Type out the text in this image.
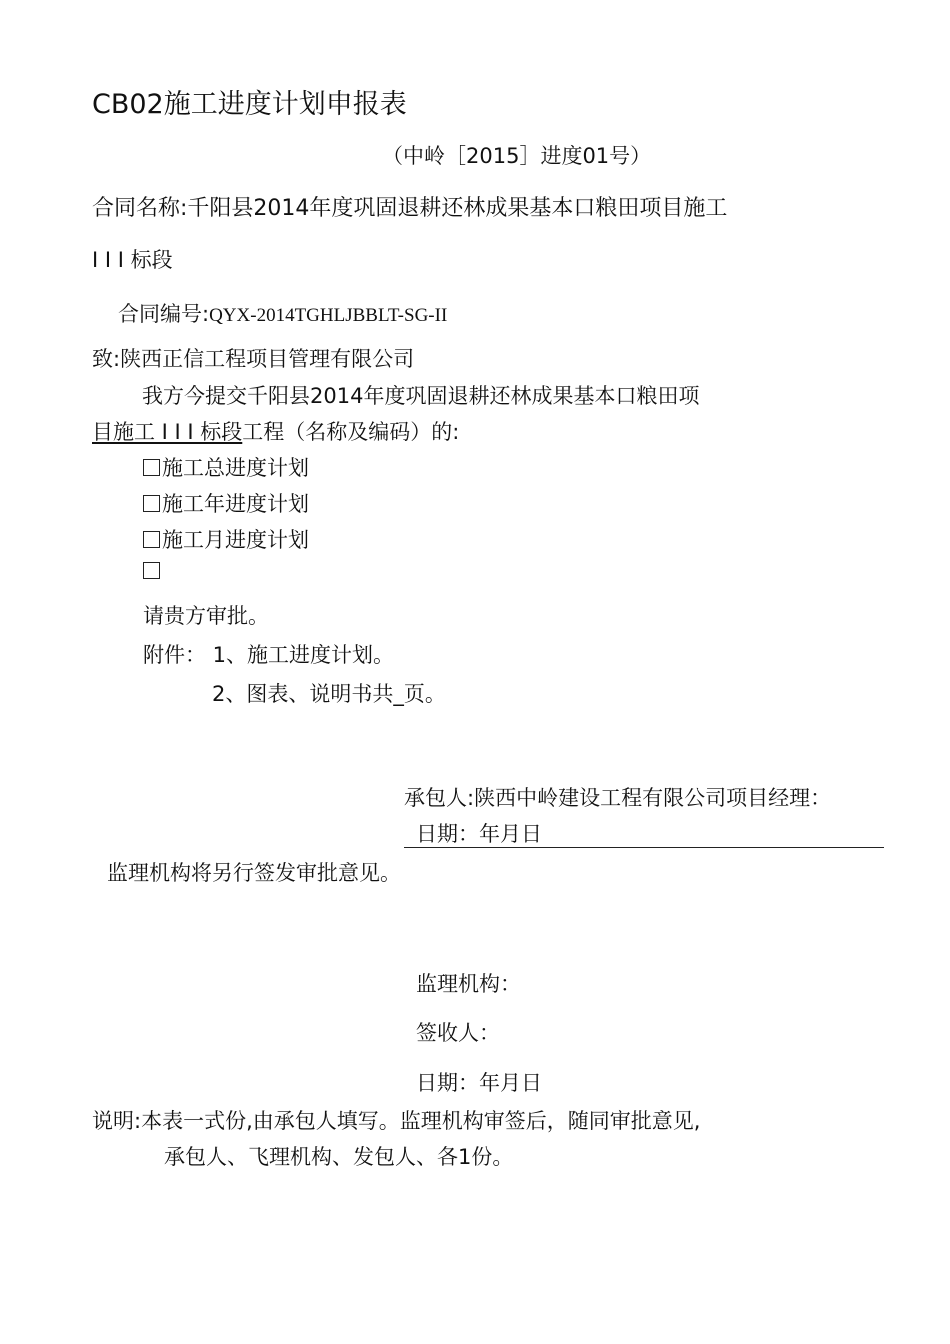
CB02施工进度计划申报表
（中岭［2015］进度01号）
合同名称:千阳县2014年度巩固退耕还林成果基本口粮田项目施工
I I I 标段
合同编号:QYX-2014TGHLJBBLT-SG-II
致:陕西正信工程项目管理有限公司
我方今提交千阳县2014年度巩固退耕还林成果基本口粮田项
目施工 I I I 标段工程（名称及编码）的:
施工总进度计划
施工年进度计划
施工月进度计划
请贵方审批。
附件： 1、施工进度计划。
2、图表、说明书共_页。
承包人:陕西中岭建设工程有限公司项目经理：
日期：年月日
监理机构将另行签发审批意见。
监理机构：
签收人：
日期：年月日
说明:本表一式份,由承包人填写。监理机构审签后，随同审批意见,
承包人、飞理机构、发包人、各1份。
